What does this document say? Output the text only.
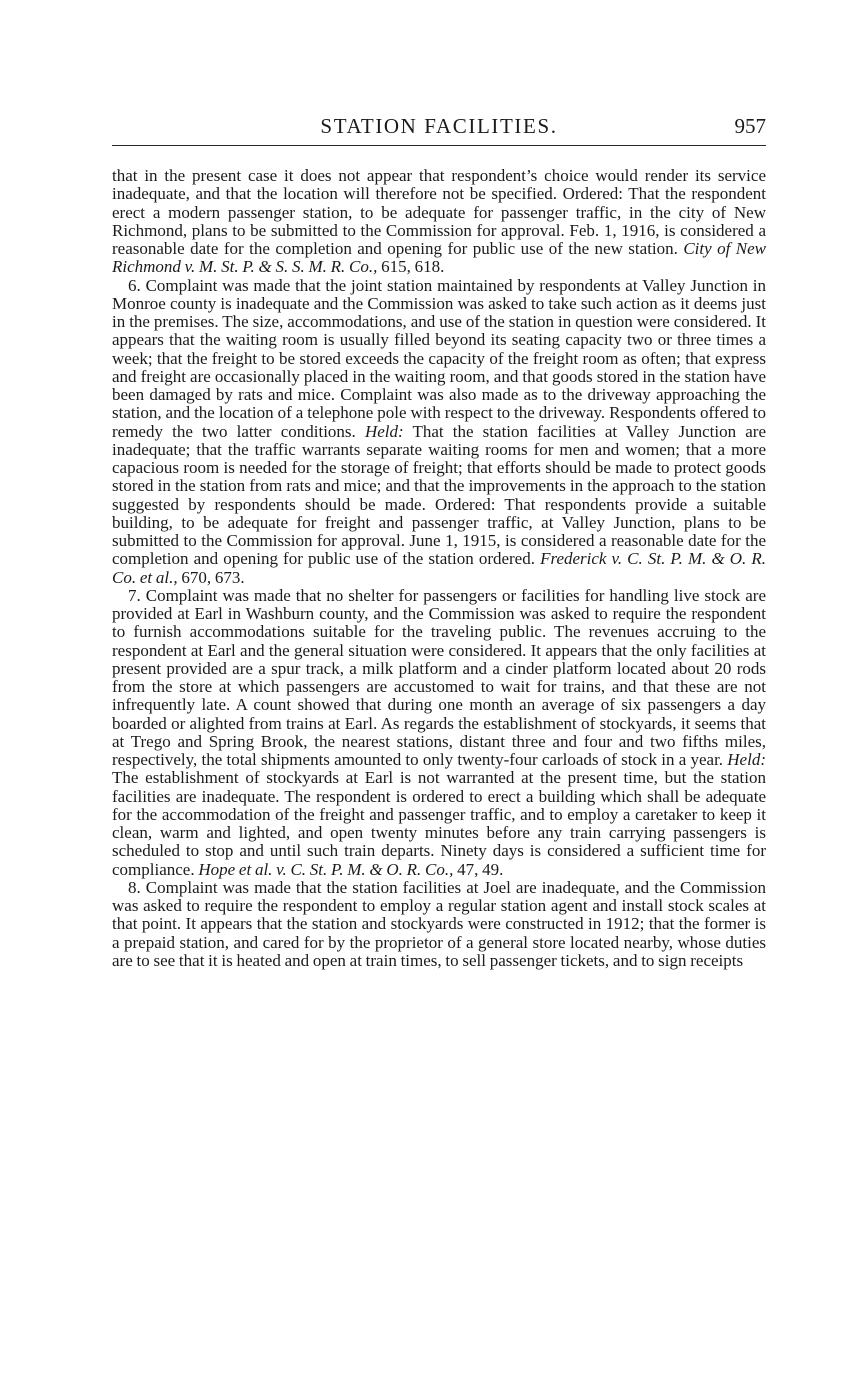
STATION FACILITIES.	957

that in the present case it does not appear that respondent’s choice would render its service inadequate, and that the location will therefore not be specified. Ordered: That the respondent erect a modern passenger station, to be adequate for passenger traffic, in the city of New Richmond, plans to be submitted to the Commission for approval. Feb. 1, 1916, is considered a reasonable date for the completion and opening for public use of the new station. City of New Richmond v. M. St. P. & S. S. M. R. Co., 615, 618.

6. Complaint was made that the joint station maintained by respondents at Valley Junction in Monroe county is inadequate and the Commission was asked to take such action as it deems just in the premises. The size, accommodations, and use of the station in question were considered. It appears that the waiting room is usually filled beyond its seating capacity two or three times a week; that the freight to be stored exceeds the capacity of the freight room as often; that express and freight are occasionally placed in the waiting room, and that goods stored in the station have been damaged by rats and mice. Complaint was also made as to the driveway approaching the station, and the location of a telephone pole with respect to the driveway. Respondents offered to remedy the two latter conditions. Held: That the station facilities at Valley Junction are inadequate; that the traffic warrants separate waiting rooms for men and women; that a more capacious room is needed for the storage of freight; that efforts should be made to protect goods stored in the station from rats and mice; and that the improvements in the approach to the station suggested by respondents should be made. Ordered: That respondents provide a suitable building, to be adequate for freight and passenger traffic, at Valley Junction, plans to be submitted to the Commission for approval. June 1, 1915, is considered a reasonable date for the completion and opening for public use of the station ordered. Frederick v. C. St. P. M. & O. R. Co. et al., 670, 673.

7. Complaint was made that no shelter for passengers or facilities for handling live stock are provided at Earl in Washburn county, and the Commission was asked to require the respondent to furnish accommodations suitable for the traveling public. The revenues accruing to the respondent at Earl and the general situation were considered. It appears that the only facilities at present provided are a spur track, a milk platform and a cinder platform located about 20 rods from the store at which passengers are accustomed to wait for trains, and that these are not infrequently late. A count showed that during one month an average of six passengers a day boarded or alighted from trains at Earl. As regards the establishment of stockyards, it seems that at Trego and Spring Brook, the nearest stations, distant three and four and two fifths miles, respectively, the total shipments amounted to only twenty-four carloads of stock in a year. Held: The establishment of stockyards at Earl is not warranted at the present time, but the station facilities are inadequate. The respondent is ordered to erect a building which shall be adequate for the accommodation of the freight and passenger traffic, and to employ a caretaker to keep it clean, warm and lighted, and open twenty minutes before any train carrying passengers is scheduled to stop and until such train departs. Ninety days is considered a sufficient time for compliance. Hope et al. v. C. St. P. M. & O. R. Co., 47, 49.

8. Complaint was made that the station facilities at Joel are inadequate, and the Commission was asked to require the respondent to employ a regular station agent and install stock scales at that point. It appears that the station and stockyards were constructed in 1912; that the former is a prepaid station, and cared for by the proprietor of a general store located nearby, whose duties are to see that it is heated and open at train times, to sell passenger tickets, and to sign receipts
